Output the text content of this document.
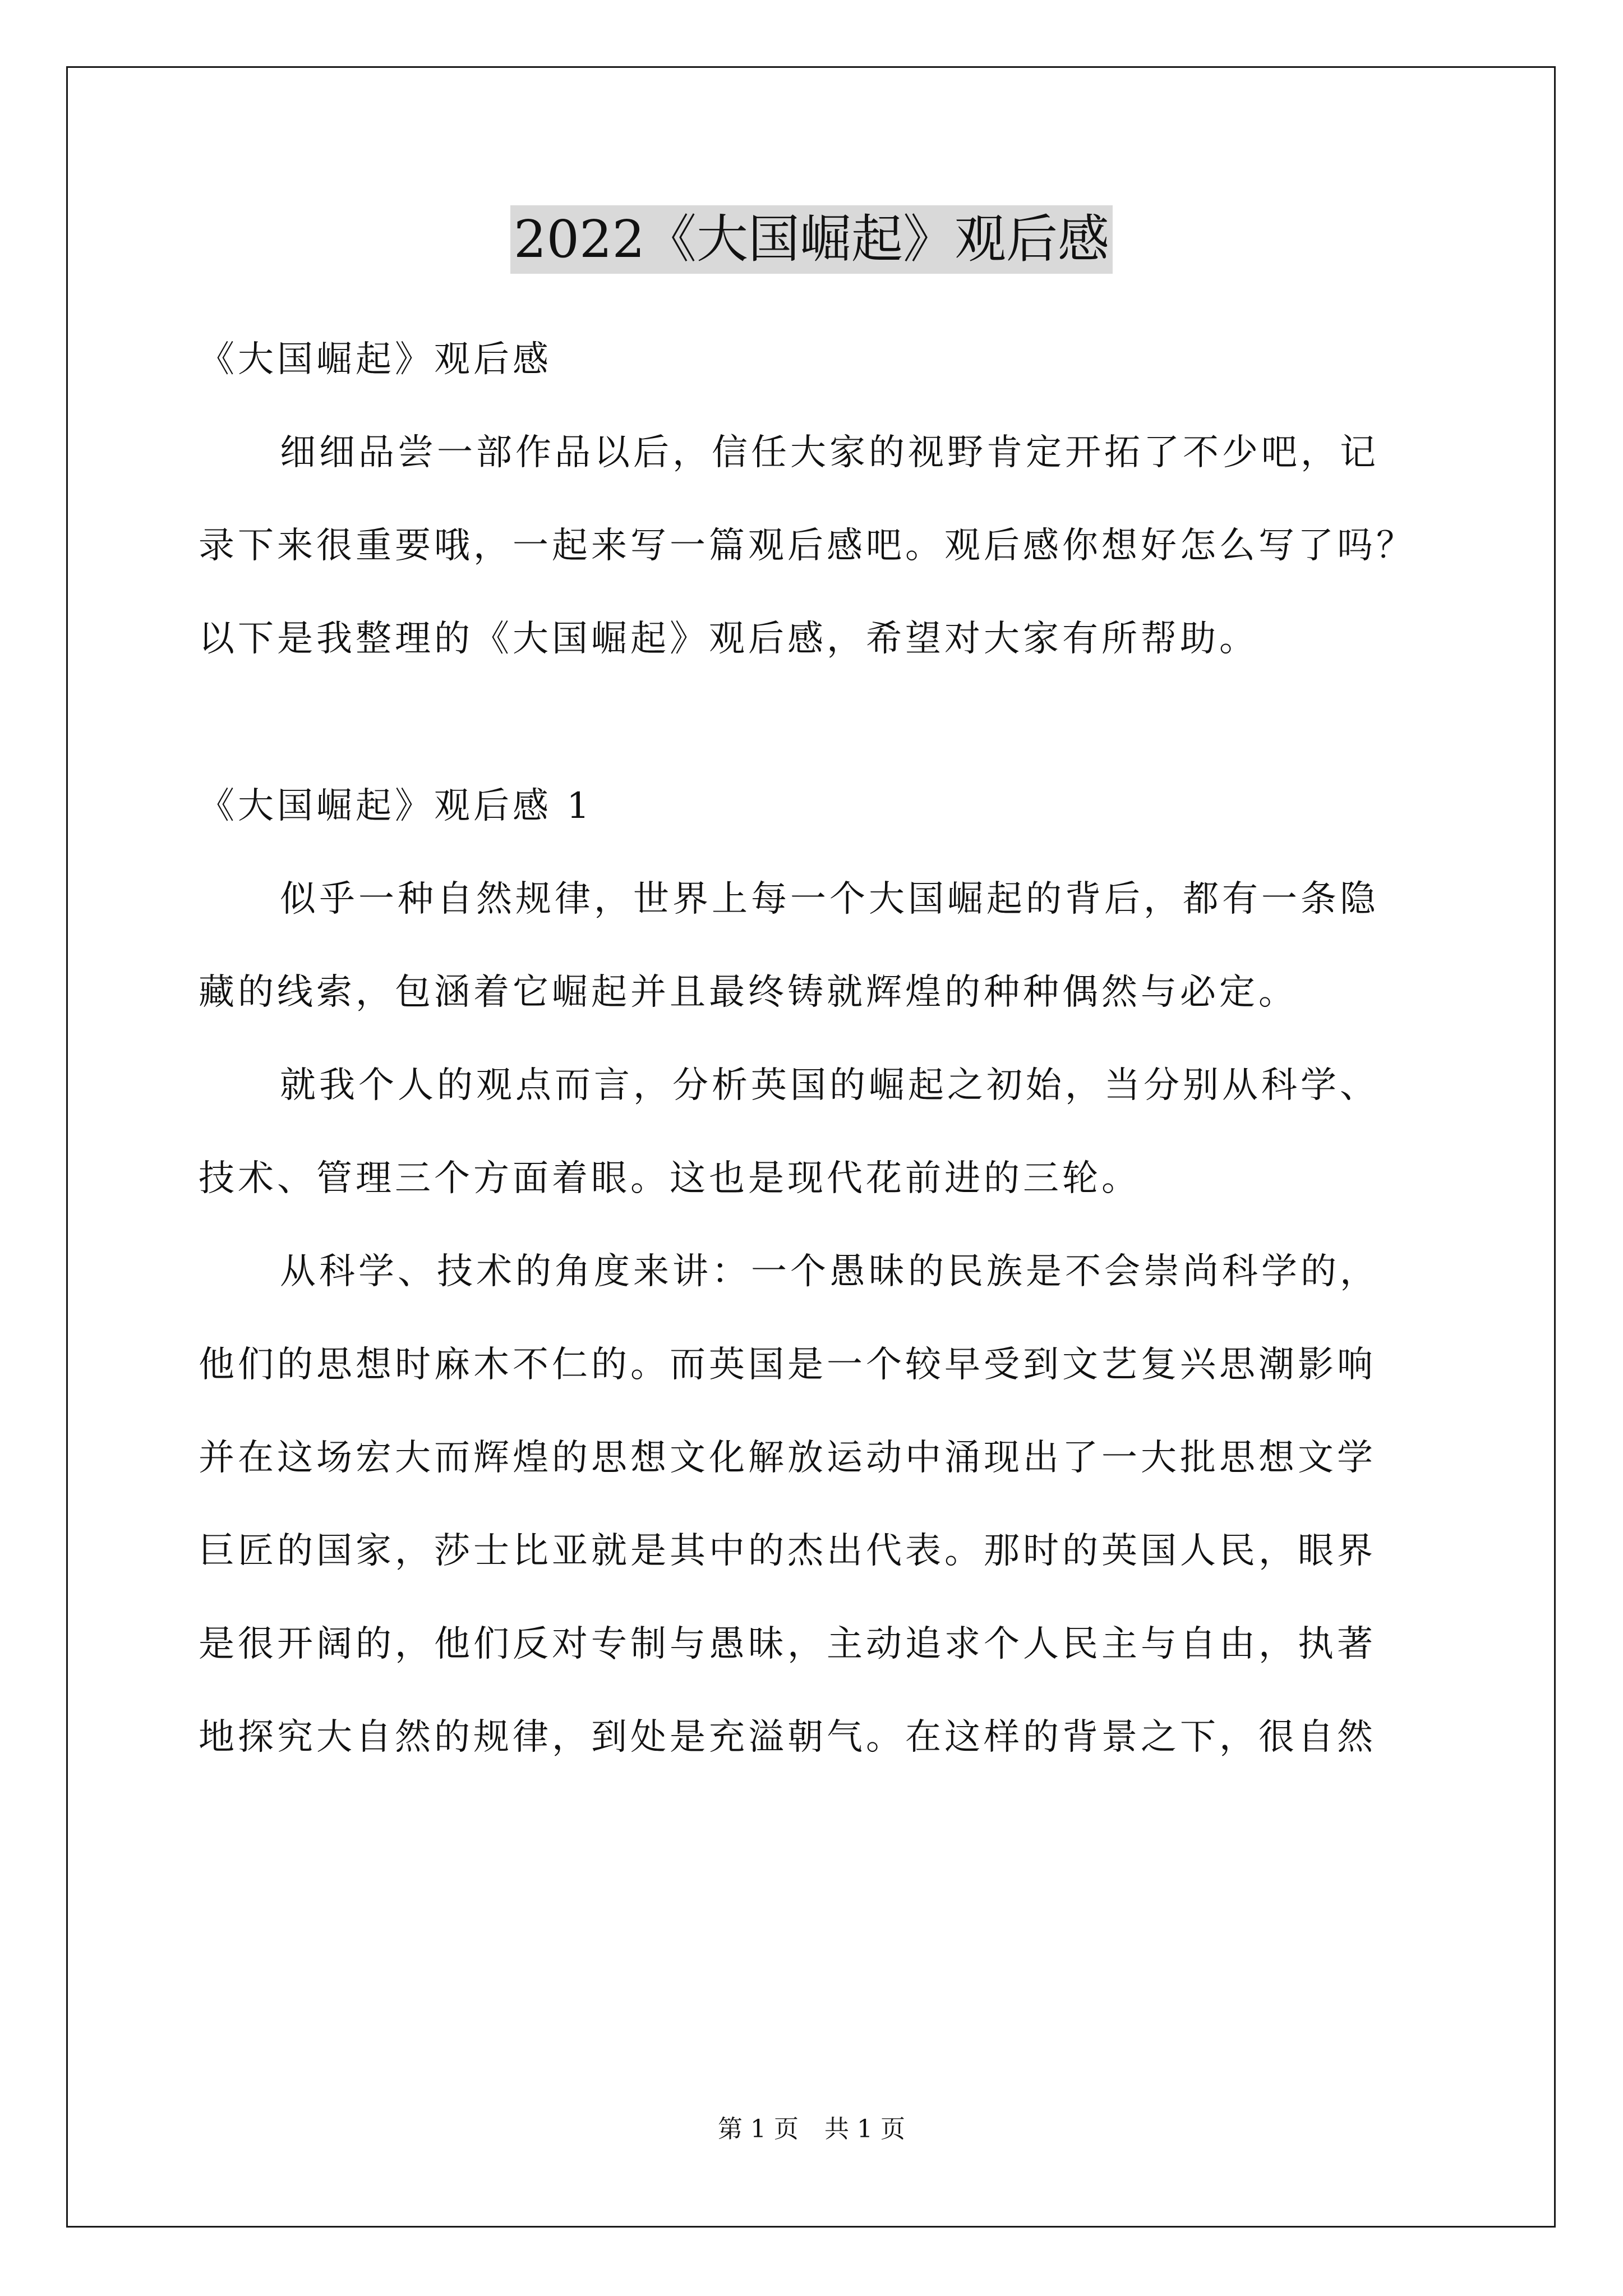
2022《大国崛起》观后感
《大国崛起》观后感
细细品尝一部作品以后，信任大家的视野肯定开拓了不少吧，记
录下来很重要哦，一起来写一篇观后感吧。观后感你想好怎么写了吗？
以下是我整理的《大国崛起》观后感，希望对大家有所帮助。
《大国崛起》观后感 1
似乎一种自然规律，世界上每一个大国崛起的背后，都有一条隐
藏的线索，包涵着它崛起并且最终铸就辉煌的种种偶然与必定。
就我个人的观点而言，分析英国的崛起之初始，当分别从科学、
技术、管理三个方面着眼。这也是现代花前进的三轮。
从科学、技术的角度来讲：一个愚昧的民族是不会崇尚科学的，
他们的思想时麻木不仁的。而英国是一个较早受到文艺复兴思潮影响
并在这场宏大而辉煌的思想文化解放运动中涌现出了一大批思想文学
巨匠的国家，莎士比亚就是其中的杰出代表。那时的英国人民，眼界
是很开阔的，他们反对专制与愚昧，主动追求个人民主与自由，执著
地探究大自然的规律，到处是充溢朝气。在这样的背景之下，很自然
第 1 页 共 1 页
